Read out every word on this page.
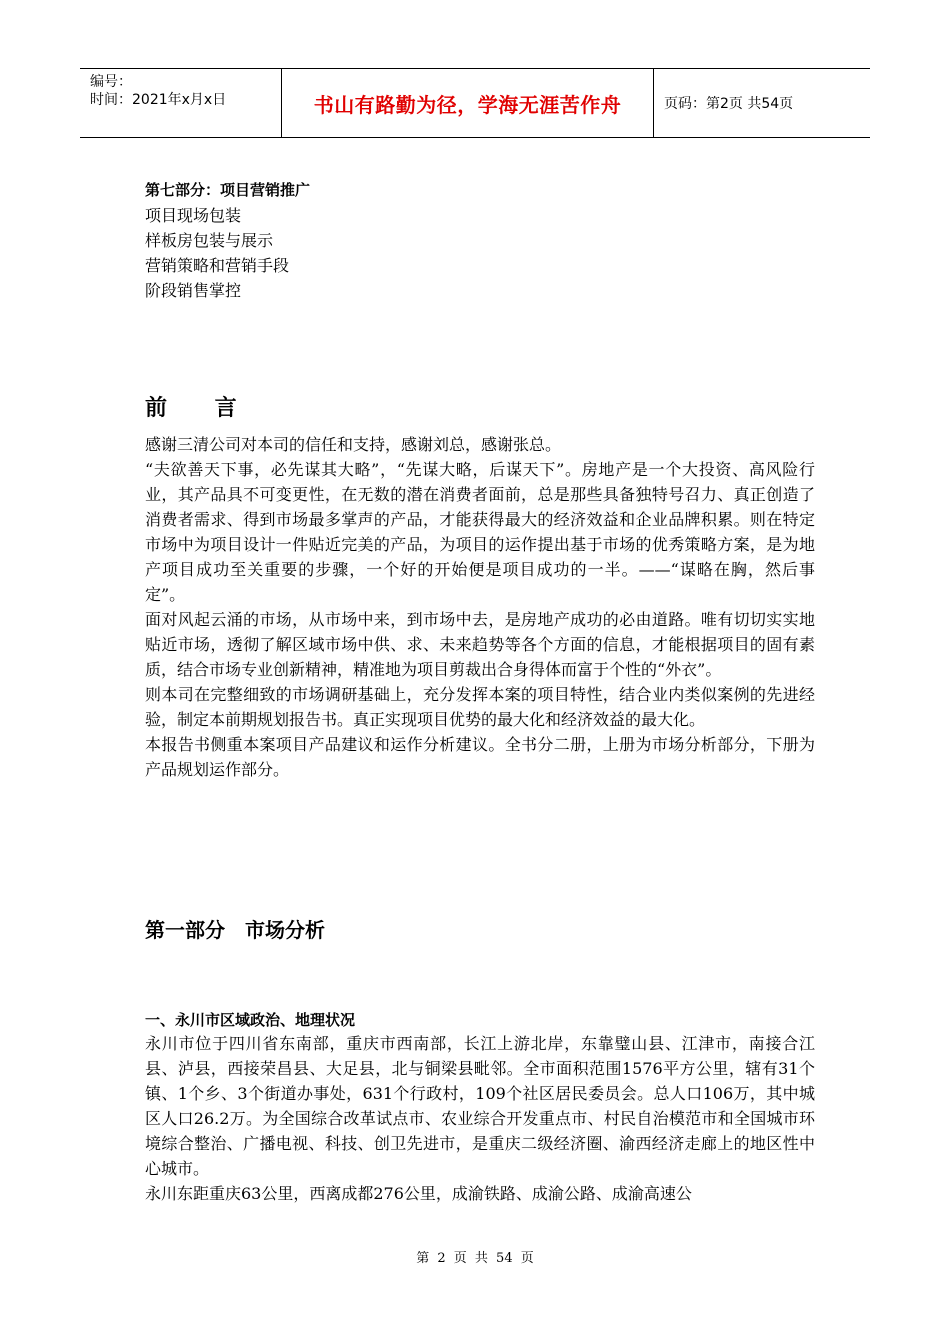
编号：
时间：2021年x月x日	书山有路勤为径，学海无涯苦作舟	页码：第2页 共54页

第七部分：项目营销推广

项目现场包装

样板房包装与展示

营销策略和营销手段

阶段销售掌控

前 言

感谢三清公司对本司的信任和支持，感谢刘总，感谢张总。

“夫欲善天下事，必先谋其大略”，“先谋大略，后谋天下”。房地产是一个大投资、高风险行业，其产品具不可变更性，在无数的潜在消费者面前，总是那些具备独特号召力、真正创造了消费者需求、得到市场最多掌声的产品，才能获得最大的经济效益和企业品牌积累。则在特定市场中为项目设计一件贴近完美的产品，为项目的运作提出基于市场的优秀策略方案，是为地产项目成功至关重要的步骤，一个好的开始便是项目成功的一半。——“谋略在胸，然后事定”。

面对风起云涌的市场，从市场中来，到市场中去，是房地产成功的必由道路。唯有切切实实地贴近市场，透彻了解区域市场中供、求、未来趋势等各个方面的信息，才能根据项目的固有素质，结合市场专业创新精神，精准地为项目剪裁出合身得体而富于个性的“外衣”。

则本司在完整细致的市场调研基础上，充分发挥本案的项目特性，结合业内类似案例的先进经验，制定本前期规划报告书。真正实现项目优势的最大化和经济效益的最大化。

本报告书侧重本案项目产品建议和运作分析建议。全书分二册，上册为市场分析部分，下册为产品规划运作部分。

第一部分　市场分析
一、永川市区域政治、地理状况

永川市位于四川省东南部，重庆市西南部，长江上游北岸，东靠璧山县、江津市，南接合江县、泸县，西接荣昌县、大足县，北与铜梁县毗邻。全市面积范围1576平方公里，辖有31个镇、1个乡、3个街道办事处，631个行政村，109个社区居民委员会。总人口106万，其中城区人口26.2万。为全国综合改革试点市、农业综合开发重点市、村民自治模范市和全国城市环境综合整治、广播电视、科技、创卫先进市，是重庆二级经济圈、渝西经济走廊上的地区性中心城市。

永川东距重庆63公里，西离成都276公里，成渝铁路、成渝公路、成渝高速公

第 2 页 共 54 页
